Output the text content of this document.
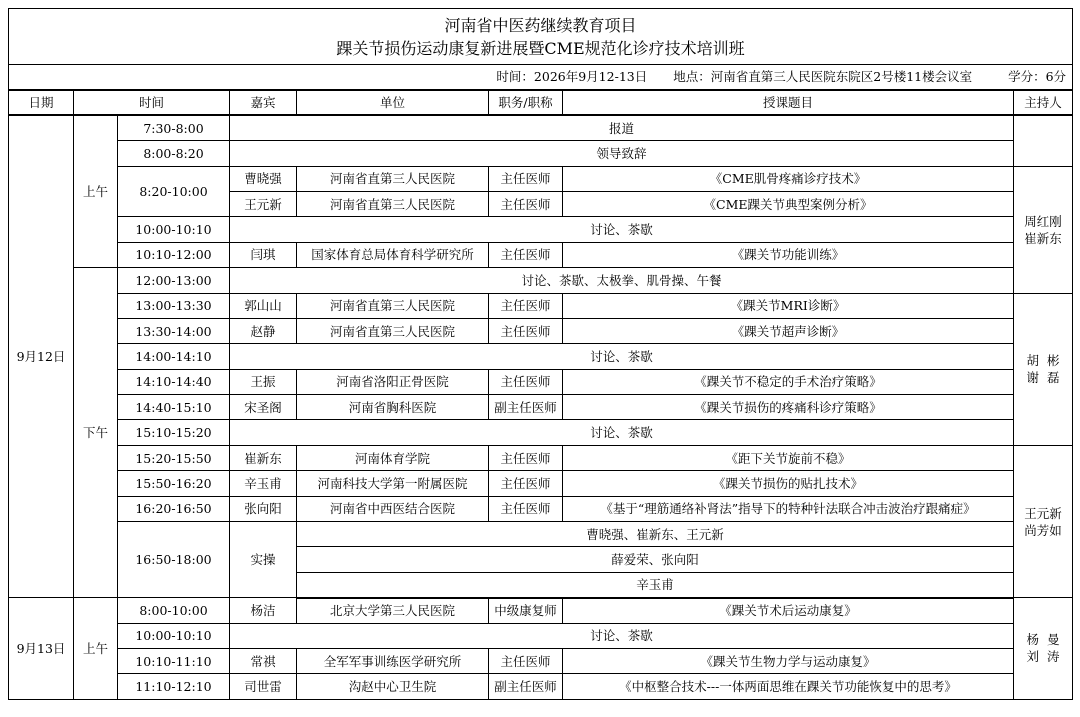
河南省中医药继续教育项目
踝关节损伤运动康复新进展暨CME规范化诊疗技术培训班							

时间：2026年9月12-13日 地点：河南省直第三人民医院东院区2号楼11楼会议室 学分：6分							
日期	时间		嘉宾	单位	职务/职称	授课题目	主持人
9月12日	上午	7:30-8:00	报道				
		8:00-8:20	领导致辞				
		8:20-10:00	曹晓强	河南省直第三人民医院	主任医师	《CME肌骨疼痛诊疗技术》	周红刚
崔新东

			王元新	河南省直第三人民医院	主任医师	《CME踝关节典型案例分析》	
		10:00-10:10	讨论、茶歇				
		10:10-12:00	闫琪	国家体育总局体育科学研究所	主任医师	《踝关节功能训练》	
	下午	12:00-13:00	讨论、茶歇、太极拳、肌骨操、午餐				
		13:00-13:30	郭山山	河南省直第三人民医院	主任医师	《踝关节MRI诊断》	胡  彬
谢  磊

		13:30-14:00	赵静	河南省直第三人民医院	主任医师	《踝关节超声诊断》	
		14:00-14:10	讨论、茶歇				
		14:10-14:40	王振	河南省洛阳正骨医院	主任医师	《踝关节不稳定的手术治疗策略》	
		14:40-15:10	宋圣阁	河南省胸科医院	副主任医师	《踝关节损伤的疼痛科诊疗策略》	
		15:10-15:20	讨论、茶歇				
		15:20-15:50	崔新东	河南体育学院	主任医师	《距下关节旋前不稳》	王元新
尚芳如

		15:50-16:20	辛玉甫	河南科技大学第一附属医院	主任医师	《踝关节损伤的贴扎技术》	
		16:20-16:50	张向阳	河南省中西医结合医院	主任医师	《基于“理筋通络补肾法”指导下的特种针法联合冲击波治疗跟痛症》	
		16:50-18:00	实操	曹晓强、崔新东、王元新			
				薛爱荣、张向阳			
				辛玉甫			
9月13日	上午	8:00-10:00	杨洁	北京大学第三人民医院	中级康复师	《踝关节术后运动康复》	杨  曼
刘  涛

		10:00-10:10	讨论、茶歇				
		10:10-11:10	常祺	全军军事训练医学研究所	主任医师	《踝关节生物力学与运动康复》	
		11:10-12:10	司世雷	沟赵中心卫生院	副主任医师	《中枢整合技术---一体两面思维在踝关节功能恢复中的思考》	
